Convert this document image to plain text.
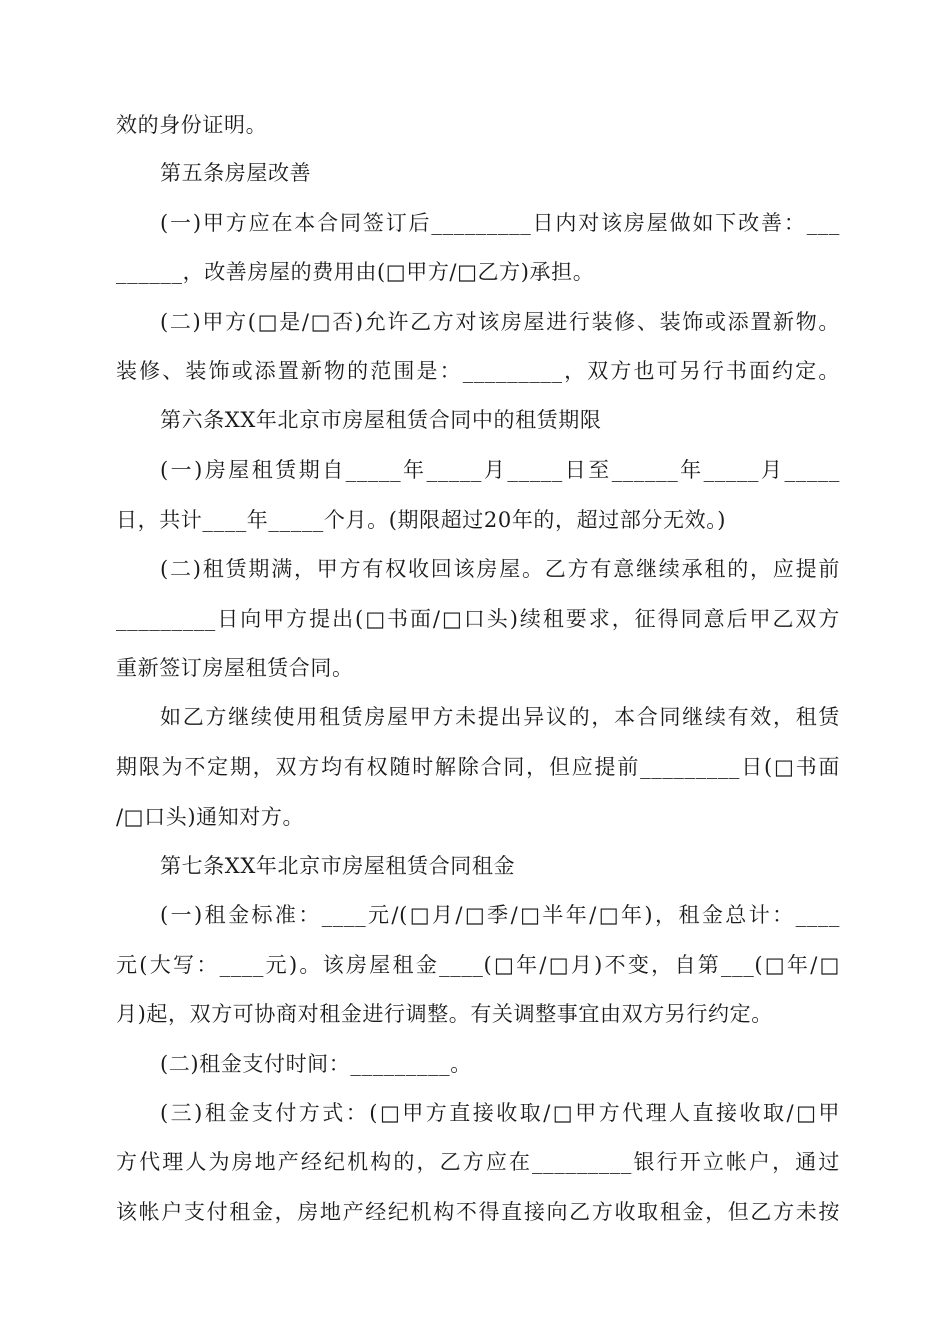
效的身份证明。
第五条房屋改善
(一)甲方应在本合同签订后_________日内对该房屋做如下改善：___
______，改善房屋的费用由(□甲方/□乙方)承担。
(二)甲方(□是/□否)允许乙方对该房屋进行装修、装饰或添置新物。
装修、装饰或添置新物的范围是：_________，双方也可另行书面约定。
第六条XX年北京市房屋租赁合同中的租赁期限
(一)房屋租赁期自_____年_____月_____日至______年_____月_____
日，共计____年_____个月。(期限超过20年的，超过部分无效。)
(二)租赁期满，甲方有权收回该房屋。乙方有意继续承租的，应提前
_________日向甲方提出(□书面/□口头)续租要求，征得同意后甲乙双方
重新签订房屋租赁合同。
如乙方继续使用租赁房屋甲方未提出异议的，本合同继续有效，租赁
期限为不定期，双方均有权随时解除合同，但应提前_________日(□书面
/□口头)通知对方。
第七条XX年北京市房屋租赁合同租金
(一)租金标准：____元/(□月/□季/□半年/□年)，租金总计：____
元(大写：____元)。该房屋租金____(□年/□月)不变，自第___(□年/□
月)起，双方可协商对租金进行调整。有关调整事宜由双方另行约定。
(二)租金支付时间：_________。
(三)租金支付方式：(□甲方直接收取/□甲方代理人直接收取/□甲
方代理人为房地产经纪机构的，乙方应在_________银行开立帐户，通过
该帐户支付租金，房地产经纪机构不得直接向乙方收取租金，但乙方未按
